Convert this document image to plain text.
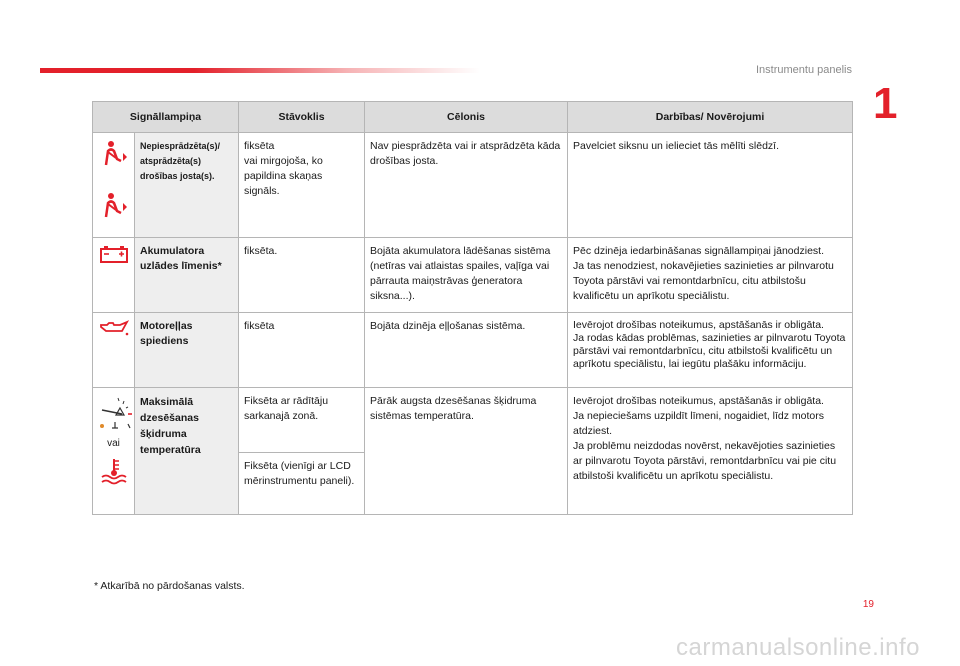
Instrumentu panelis
1
Signāllampiņa		Stāvoklis	Cēlonis	Darbības/ Novērojumi

	Nepiesprādzēta(s)/ atsprādzēta(s) drošības josta(s).	fiksēta
vai mirgojoša, ko papildina skaņas signāls.	Nav piesprādzēta vai ir atsprādzēta kāda drošības josta.	Pavelciet siksnu un ielieciet tās mēlīti slēdzī.
	Akumulatora uzlādes līmenis*	fiksēta.	Bojāta akumulatora lādēšanas sistēma (netīras vai atlaistas spailes, vaļīga vai pārrauta maiņstrāvas ģeneratora siksna...).	Pēc dzinēja iedarbināšanas signāllampiņai jānodziest.
Ja tas nenodziest, nokavējieties sazinieties ar pilnvarotu Toyota pārstāvi vai remontdarbnīcu, citu atbilstošu kvalificētu un aprīkotu speciālistu.
	Motoreļļas spiediens	fiksēta	Bojāta dzinēja eļļošanas sistēma.	Ievērojot drošības noteikumus, apstāšanās ir obligāta.
Ja rodas kādas problēmas, sazinieties ar pilnvarotu Toyota pārstāvi vai remontdarbnīcu, citu atbilstoši kvalificētu un aprīkotu speciālistu, lai iegūtu plašāku informāciju.

vai	Maksimālā dzesēšanas šķidruma temperatūra	Fiksēta ar rādītāju sarkanajā zonā.	Pārāk augsta dzesēšanas šķidruma sistēmas temperatūra.	Ievērojot drošības noteikumus, apstāšanās ir obligāta.
Ja nepieciešams uzpildīt līmeni, nogaidiet, līdz motors atdziest.
Ja problēmu neizdodas novērst, nekavējoties sazinieties ar pilnvarotu Toyota pārstāvi, remontdarbnīcu vai pie citu atbilstoši kvalificētu un aprīkotu speciālistu.
		Fiksēta (vienīgi ar LCD mērinstrumentu paneli).		
* Atkarībā no pārdošanas valsts.
19
carmanualsonline.info
